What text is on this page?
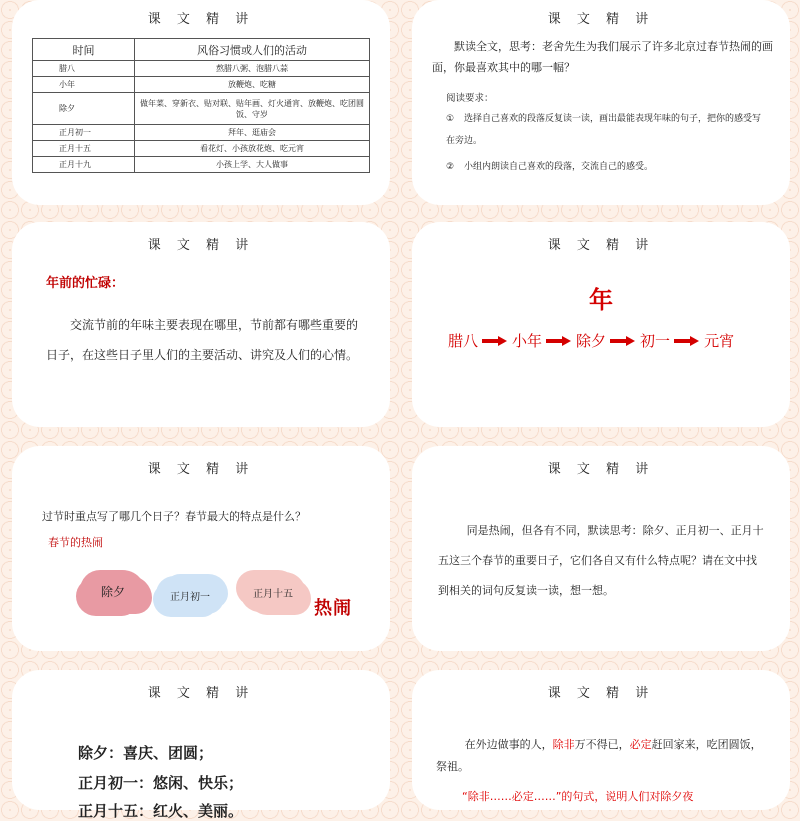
课 文 精 讲
时间	风俗习惯或人们的活动
腊八	熬腊八粥、泡腊八蒜
小年	放鞭炮、吃糖
除夕	做年菜、穿新衣、贴对联、贴年画、灯火通宵、放鞭炮、吃团圆饭、守岁
正月初一	拜年、逛庙会
正月十五	看花灯、小孩放花炮、吃元宵
正月十九	小孩上学、大人做事
课 文 精 讲

默读全文，思考：老舍先生为我们展示了许多北京过春节热闹的画面，你最喜欢其中的哪一幅？

阅读要求：
① 选择自己喜欢的段落反复读一读，画出最能表现年味的句子，把你的感受写在旁边。
② 小组内朗读自己喜欢的段落，交流自己的感受。
课 文 精 讲
年前的忙碌：

交流节前的年味主要表现在哪里，节前都有哪些重要的日子，在这些日子里人们的主要活动、讲究及人们的心情。

课 文 精 讲
年
腊八 小年 除夕 初一 元宵
课 文 精 讲
过节时重点写了哪几个日子？春节最大的特点是什么？
春节的热闹
除夕	正月初一	正月十五
热闹
课 文 精 讲

同是热闹，但各有不同，默读思考：除夕、正月初一、正月十五这三个春节的重要日子，它们各自又有什么特点呢？请在文中找到相关的词句反复读一读，想一想。

课 文 精 讲
除夕：喜庆、团圆；
正月初一：悠闲、快乐；
正月十五：红火、美丽。
课 文 精 讲

在外边做事的人，除非万不得已，必定赶回家来，吃团圆饭，祭祖。

“除非……必定……”的句式，说明人们对除夕夜
